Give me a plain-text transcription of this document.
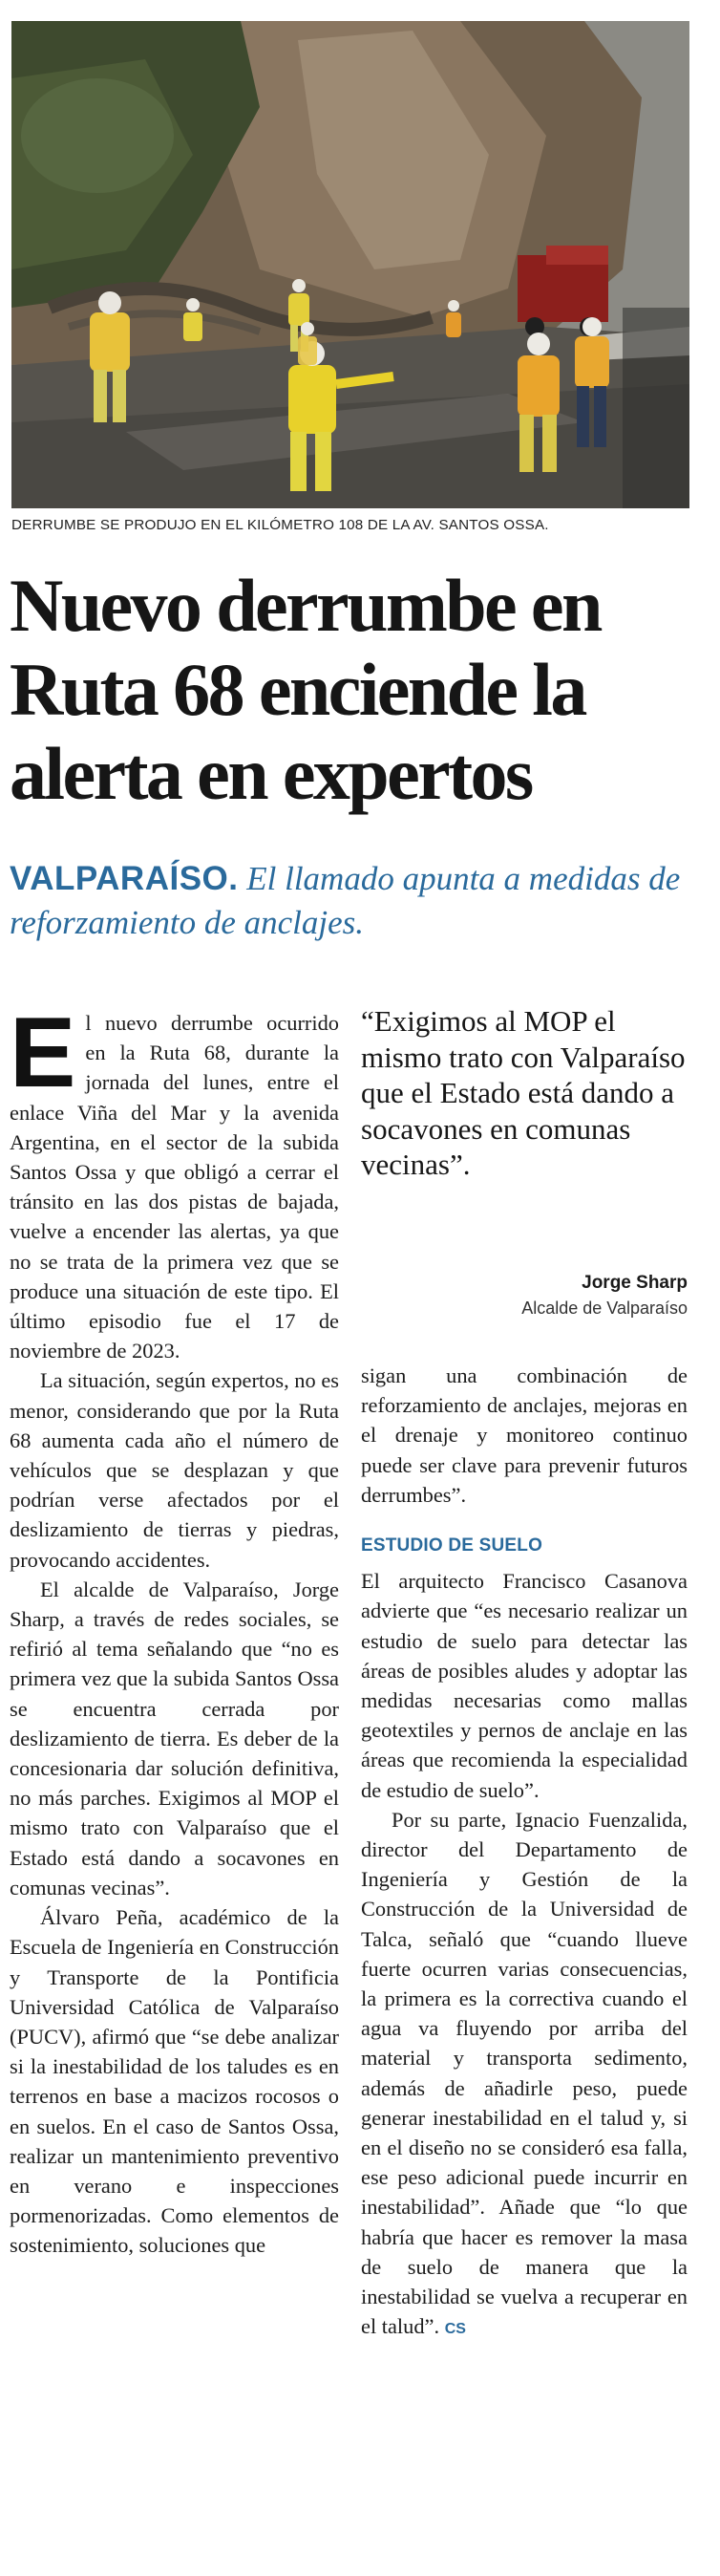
DERRUMBE SE PRODUJO EN EL KILÓMETRO 108 DE LA AV. SANTOS OSSA.
Nuevo derrumbe en Ruta 68 enciende la alerta en expertos

VALPARAÍSO. El llamado apunta a medidas de reforzamiento de anclajes.

El nuevo derrumbe ocurrido en la Ruta 68, durante la jornada del lunes, entre el enlace Viña del Mar y la avenida Argentina, en el sector de la subida Santos Ossa y que obligó a cerrar el tránsito en las dos pistas de bajada, vuelve a encender las alertas, ya que no se trata de la primera vez que se produce una situación de este tipo. El último episodio fue el 17 de noviembre de 2023.

La situación, según expertos, no es menor, considerando que por la Ruta 68 aumenta cada año el número de vehículos que se desplazan y que podrían verse afectados por el deslizamiento de tierras y piedras, provocando accidentes.

El alcalde de Valparaíso, Jorge Sharp, a través de redes sociales, se refirió al tema señalando que “no es primera vez que la subida Santos Ossa se encuentra cerrada por deslizamiento de tierra. Es deber de la concesionaria dar solución definitiva, no más parches. Exigimos al MOP el mismo trato con Valparaíso que el Estado está dando a socavones en comunas vecinas”.

Álvaro Peña, académico de la Escuela de Ingeniería en Construcción y Transporte de la Pontificia Universidad Católica de Valparaíso (PUCV), afirmó que “se debe analizar si la inestabilidad de los taludes es en terrenos en base a macizos rocosos o en suelos. En el caso de Santos Ossa, realizar un mantenimiento preventivo en verano e inspecciones pormenorizadas. Como elementos de sostenimiento, soluciones que

“Exigimos al MOP el mismo trato con Valparaíso que el Estado está dando a socavones en comunas vecinas”.

Jorge Sharp
Alcalde de Valparaíso

sigan una combinación de reforzamiento de anclajes, mejoras en el drenaje y monitoreo continuo puede ser clave para prevenir futuros derrumbes”.

ESTUDIO DE SUELO

El arquitecto Francisco Casanova advierte que “es necesario realizar un estudio de suelo para detectar las áreas de posibles aludes y adoptar las medidas necesarias como mallas geotextiles y pernos de anclaje en las áreas que recomienda la especialidad de estudio de suelo”.

Por su parte, Ignacio Fuenzalida, director del Departamento de Ingeniería y Gestión de la Construcción de la Universidad de Talca, señaló que “cuando llueve fuerte ocurren varias consecuencias, la primera es la correctiva cuando el agua va fluyendo por arriba del material y transporta sedimento, además de añadirle peso, puede generar inestabilidad en el talud y, si en el diseño no se consideró esa falla, ese peso adicional puede incurrir en inestabilidad”. Añade que “lo que habría que hacer es remover la masa de suelo de manera que la inestabilidad se vuelva a recuperar en el talud”. CS
